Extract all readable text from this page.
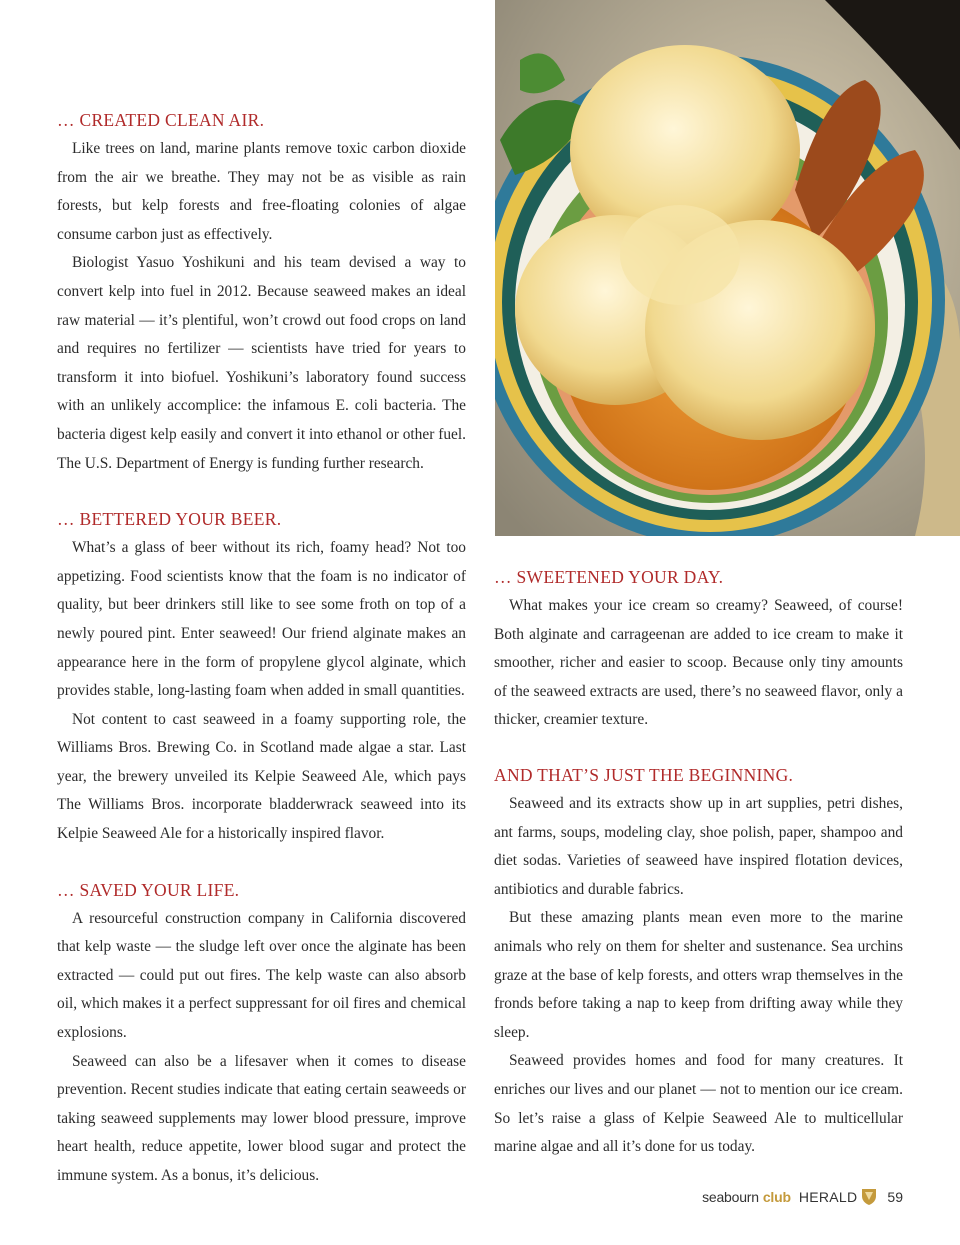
… CREATED CLEAN AIR.

Like trees on land, marine plants remove toxic carbon dioxide from the air we breathe. They may not be as visible as rain forests, but kelp forests and free-floating colonies of algae consume carbon just as effectively.

Biologist Yasuo Yoshikuni and his team devised a way to convert kelp into fuel in 2012. Because seaweed makes an ideal raw material — it’s plentiful, won’t crowd out food crops on land and requires no fertilizer — scientists have tried for years to transform it into biofuel. Yoshikuni’s laboratory found success with an unlikely accomplice: the infamous E. coli bacteria. The bacteria digest kelp easily and convert it into ethanol or other fuel. The U.S. Department of Energy is funding further research.

… BETTERED YOUR BEER.

What’s a glass of beer without its rich, foamy head? Not too appetizing. Food scientists know that the foam is no indicator of quality, but beer drinkers still like to see some froth on top of a newly poured pint. Enter seaweed! Our friend alginate makes an appearance here in the form of propylene glycol alginate, which provides stable, long-lasting foam when added in small quantities.

Not content to cast seaweed in a foamy supporting role, the Williams Bros. Brewing Co. in Scotland made algae a star. Last year, the brewery unveiled its Kelpie Seaweed Ale, which pays The Williams Bros. incorporate bladderwrack seaweed into its Kelpie Seaweed Ale for a historically inspired flavor.

… SAVED YOUR LIFE.

A resourceful construction company in California discovered that kelp waste — the sludge left over once the alginate has been extracted — could put out fires. The kelp waste can also absorb oil, which makes it a perfect suppressant for oil fires and chemical explosions.

Seaweed can also be a lifesaver when it comes to disease prevention. Recent studies indicate that eating certain seaweeds or taking seaweed supplements may lower blood pressure, improve heart health, reduce appetite, lower blood sugar and protect the immune system. As a bonus, it’s delicious.

… SWEETENED YOUR DAY.

What makes your ice cream so creamy? Seaweed, of course! Both alginate and carrageenan are added to ice cream to make it smoother, richer and easier to scoop. Because only tiny amounts of the seaweed extracts are used, there’s no seaweed flavor, only a thicker, creamier texture.

AND THAT’S JUST THE BEGINNING.

Seaweed and its extracts show up in art supplies, petri dishes, ant farms, soups, modeling clay, shoe polish, paper, shampoo and diet sodas. Varieties of seaweed have inspired flotation devices, antibiotics and durable fabrics.

But these amazing plants mean even more to the marine animals who rely on them for shelter and sustenance. Sea urchins graze at the base of kelp forests, and otters wrap themselves in the fronds before taking a nap to keep from drifting away while they sleep.

Seaweed provides homes and food for many creatures. It enriches our lives and our planet — not to mention our ice cream. So let’s raise a glass of Kelpie Seaweed Ale to multicellular marine algae and all it’s done for us today.

seabourn club HERALD 59
